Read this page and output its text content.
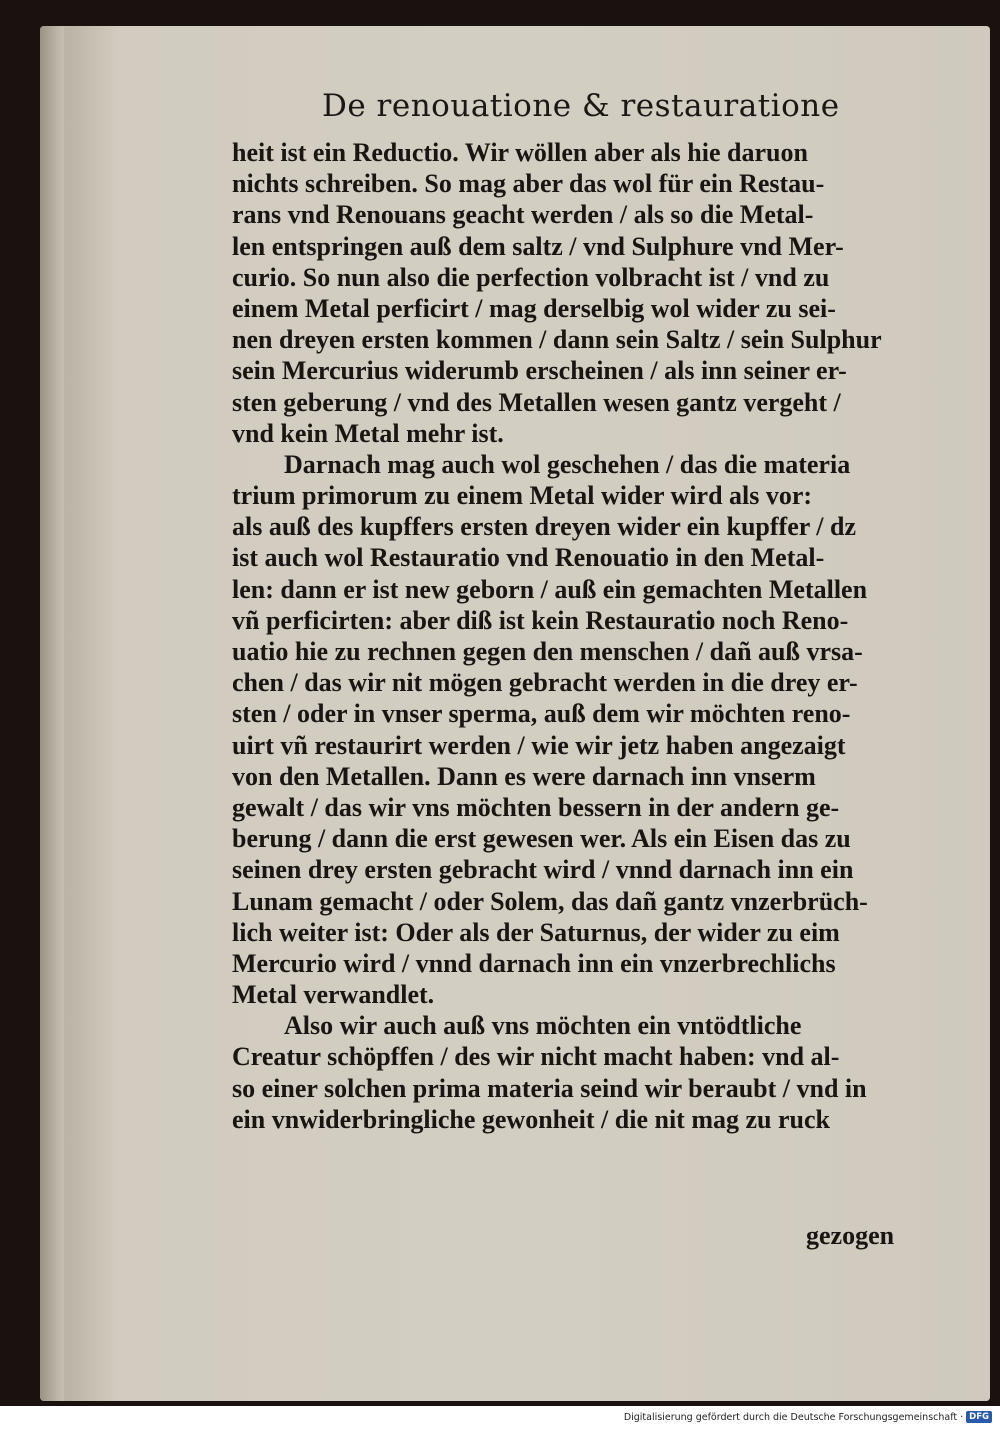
De renouatione & restauratione
heit ist ein Reductio. Wir wöllen aber als hie daruon
nichts schreiben. So mag aber das wol für ein Restau-
rans vnd Renouans geacht werden / als so die Metal-
len entspringen auß dem saltz / vnd Sulphure vnd Mer-
curio. So nun also die perfection volbracht ist / vnd zu
einem Metal perficirt / mag derselbig wol wider zu sei-
nen dreyen ersten kommen / dann sein Saltz / sein Sulphur
sein Mercurius widerumb erscheinen / als inn seiner er-
sten geberung / vnd des Metallen wesen gantz vergeht /
vnd kein Metal mehr ist.
Darnach mag auch wol geschehen / das die materia
trium primorum zu einem Metal wider wird als vor:
als auß des kupffers ersten dreyen wider ein kupffer / dz
ist auch wol Restauratio vnd Renouatio in den Metal-
len: dann er ist new geborn / auß ein gemachten Metallen
vñ perficirten: aber diß ist kein Restauratio noch Reno-
uatio hie zu rechnen gegen den menschen / dañ auß vrsa-
chen / das wir nit mögen gebracht werden in die drey er-
sten / oder in vnser sperma, auß dem wir möchten reno-
uirt vñ restaurirt werden / wie wir jetz haben angezaigt
von den Metallen. Dann es were darnach inn vnserm
gewalt / das wir vns möchten bessern in der andern ge-
berung / dann die erst gewesen wer. Als ein Eisen das zu
seinen drey ersten gebracht wird / vnnd darnach inn ein
Lunam gemacht / oder Solem, das dañ gantz vnzerbrüch-
lich weiter ist: Oder als der Saturnus, der wider zu eim
Mercurio wird / vnnd darnach inn ein vnzerbrechlichs
Metal verwandlet.
Also wir auch auß vns möchten ein vntödtliche
Creatur schöpffen / des wir nicht macht haben: vnd al-
so einer solchen prima materia seind wir beraubt / vnd in
ein vnwiderbringliche gewonheit / die nit mag zu ruck
gezogen
Digitalisierung gefördert durch die Deutsche Forschungsgemeinschaft · DFG
